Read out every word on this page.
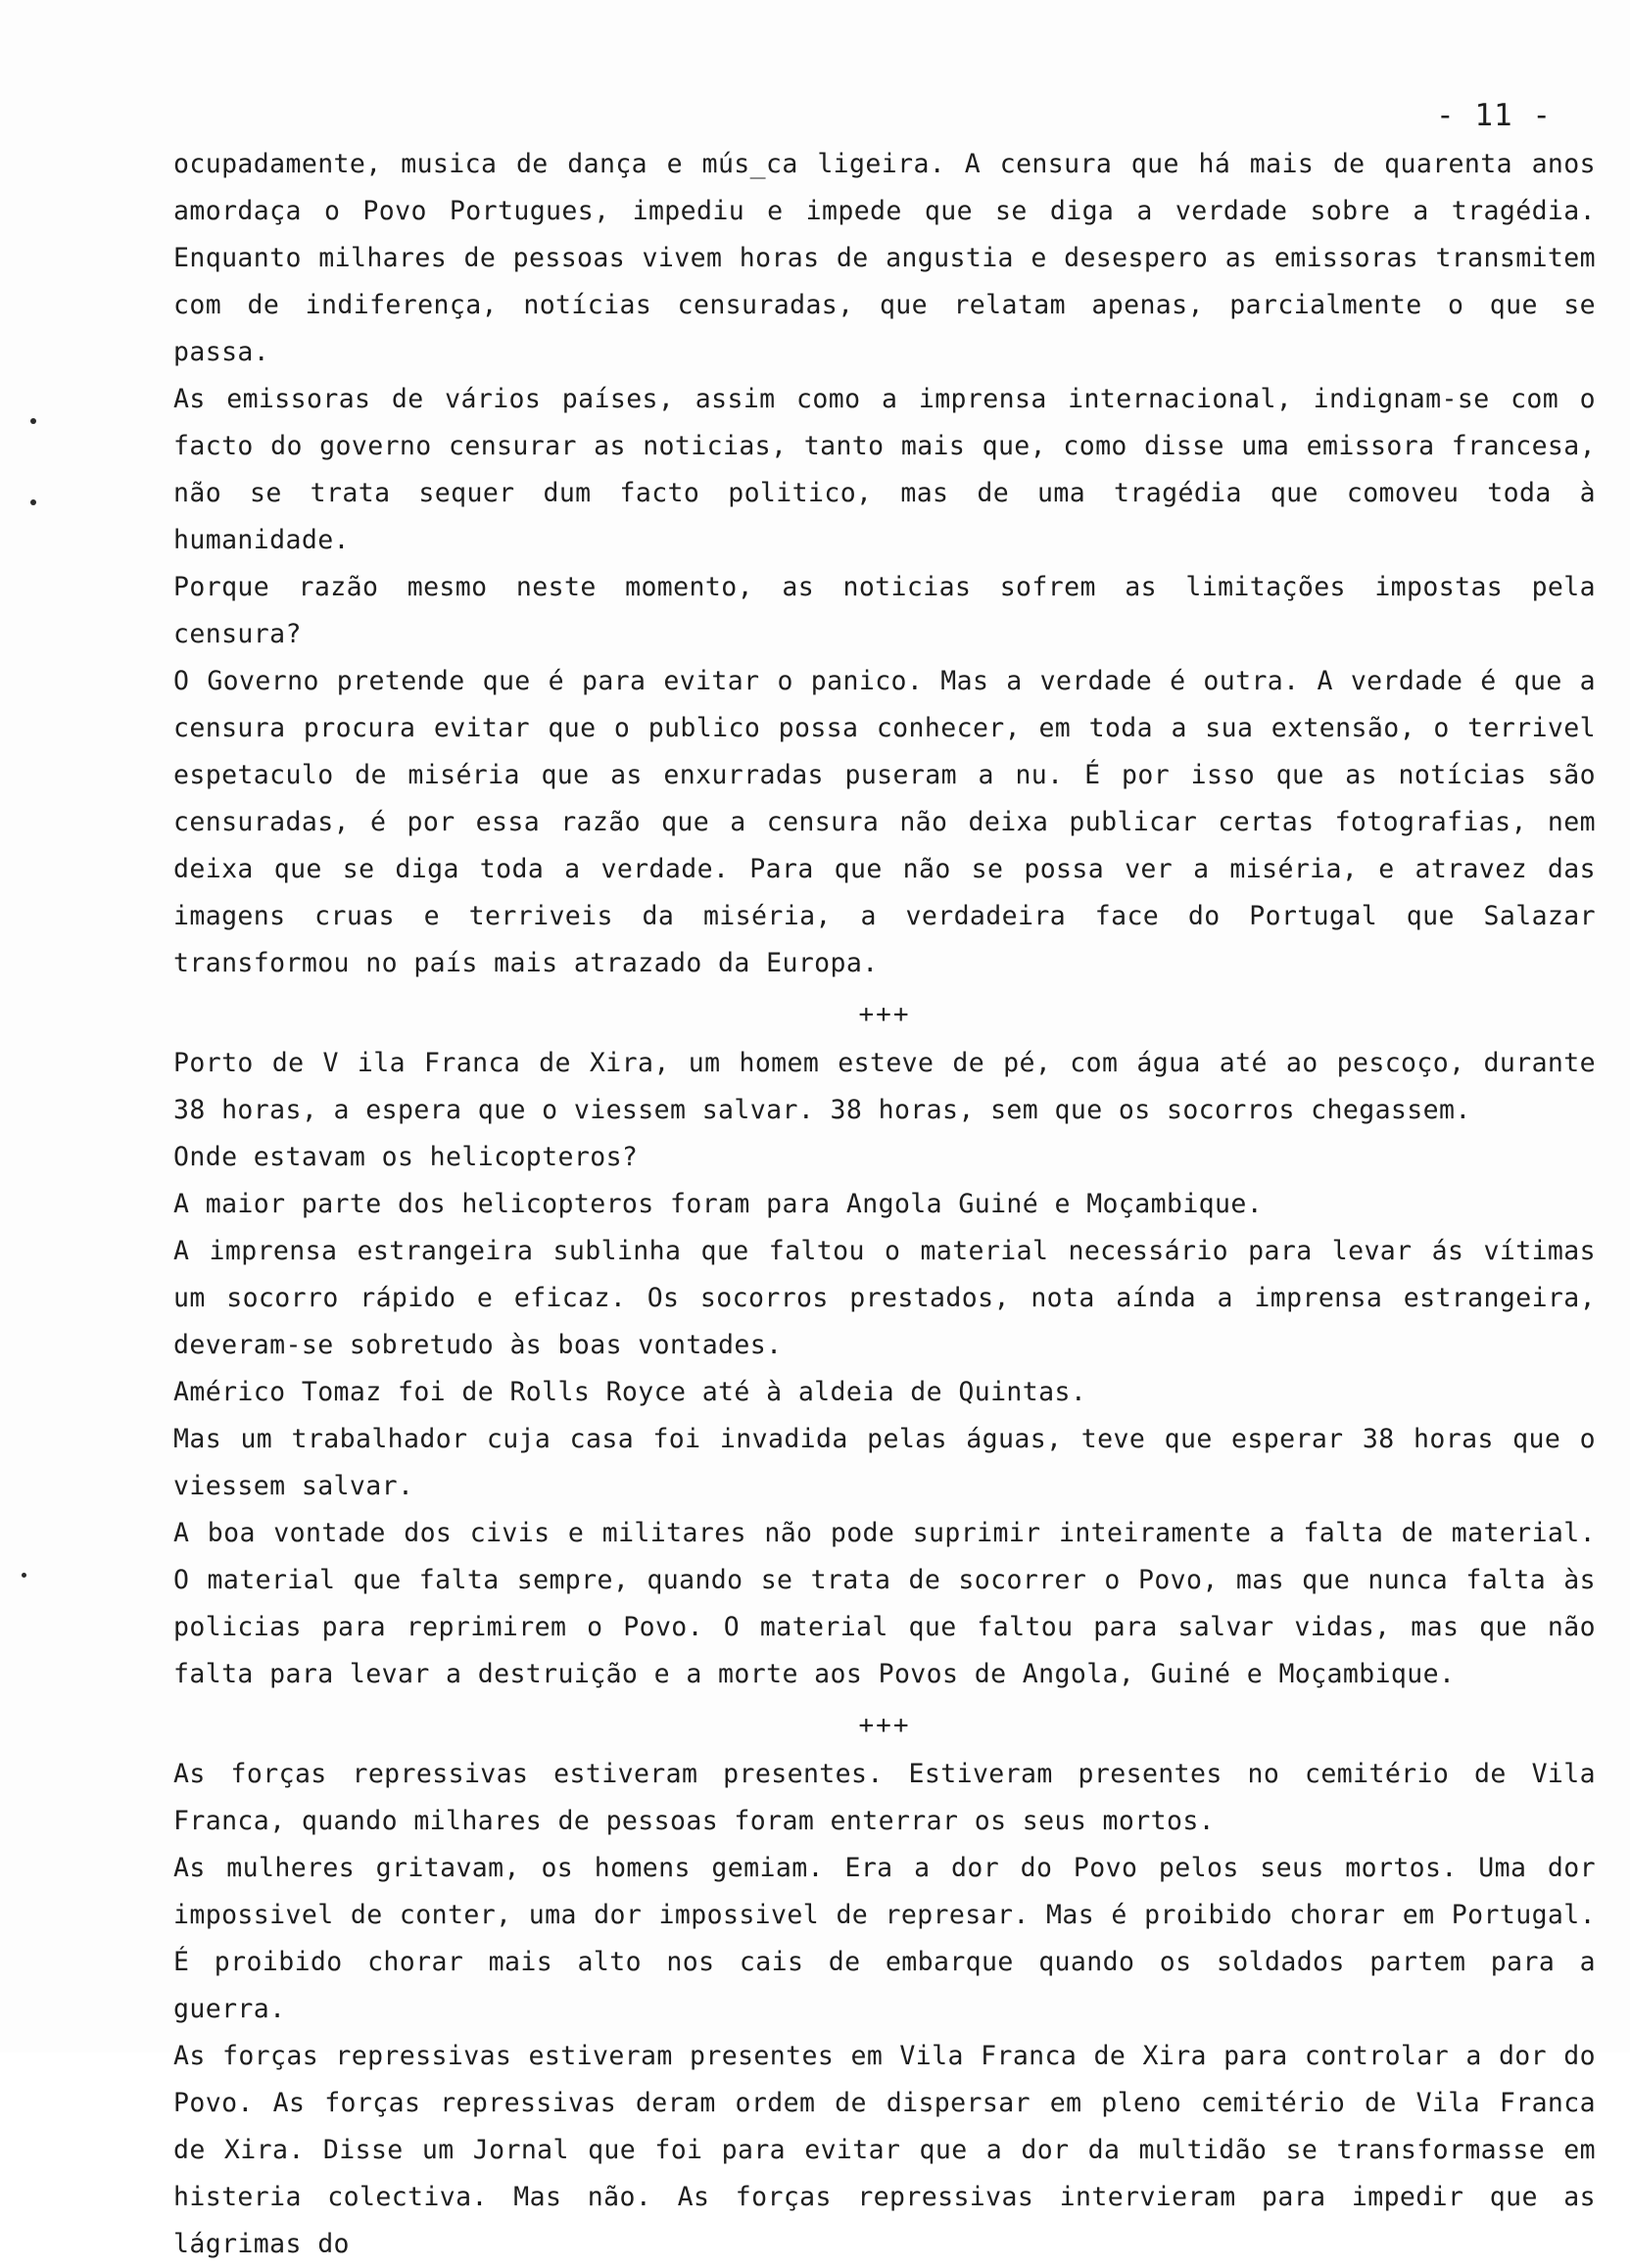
- 11 -

ocupadamente, musica de dança e mús_ca ligeira. A censura que há mais de quarenta anos amordaça o Povo Portugues, impediu e impede que se diga a verdade sobre a tragédia. Enquanto milhares de pessoas vivem horas de angustia e desespero as emissoras transmitem com de indiferença, notícias censuradas, que relatam apenas, parcialmente o que se passa.

As emissoras de vários países, assim como a imprensa internacional, indignam-se com o facto do governo censurar as noticias, tanto mais que, como disse uma emissora francesa, não se trata sequer dum facto politico, mas de uma tragédia que comoveu toda à humanidade.

Porque razão mesmo neste momento, as noticias sofrem as limitações impostas pela censura?

O Governo pretende que é para evitar o panico. Mas a verdade é outra. A verdade é que a censura procura evitar que o publico possa conhecer, em toda a sua extensão, o terrivel espetaculo de miséria que as enxurradas puseram a nu. É por isso que as notícias são censuradas, é por essa razão que a censura não deixa publicar certas fotografias, nem deixa que se diga toda a verdade. Para que não se possa ver a miséria, e atravez das imagens cruas e terriveis da miséria, a verdadeira face do Portugal que Salazar transformou no país mais atrazado da Europa.

+++

Porto de V ila Franca de Xira, um homem esteve de pé, com água até ao pescoço, durante 38 horas, a espera que o viessem salvar. 38 horas, sem que os socorros chegassem.

Onde estavam os helicopteros?

A maior parte dos helicopteros foram para Angola Guiné e Moçambique.

A imprensa estrangeira sublinha que faltou o material necessário para levar ás vítimas um socorro rápido e eficaz. Os socorros prestados, nota aínda a imprensa estrangeira, deveram-se sobretudo às boas vontades.

Américo Tomaz foi de Rolls Royce até à aldeia de Quintas.

Mas um trabalhador cuja casa foi invadida pelas águas, teve que esperar 38 horas que o viessem salvar.

A boa vontade dos civis e militares não pode suprimir inteiramente a falta de material. O material que falta sempre, quando se trata de socorrer o Povo, mas que nunca falta às policias para reprimirem o Povo. O material que faltou para salvar vidas, mas que não falta para levar a destruição e a morte aos Povos de Angola, Guiné e Moçambique.

+++

As forças repressivas estiveram presentes. Estiveram presentes no cemitério de Vila Franca, quando milhares de pessoas foram enterrar os seus mortos.

As mulheres gritavam, os homens gemiam. Era a dor do Povo pelos seus mortos. Uma dor impossivel de conter, uma dor impossivel de represar. Mas é proibido chorar em Portugal. É proibido chorar mais alto nos cais de embarque quando os soldados partem para a guerra.

As forças repressivas estiveram presentes em Vila Franca de Xira para controlar a dor do Povo. As forças repressivas deram ordem de dispersar em pleno cemitério de Vila Franca de Xira. Disse um Jornal que foi para evitar que a dor da multidão se transformasse em histeria colectiva. Mas não. As forças repressivas intervieram para impedir que as lágrimas do
